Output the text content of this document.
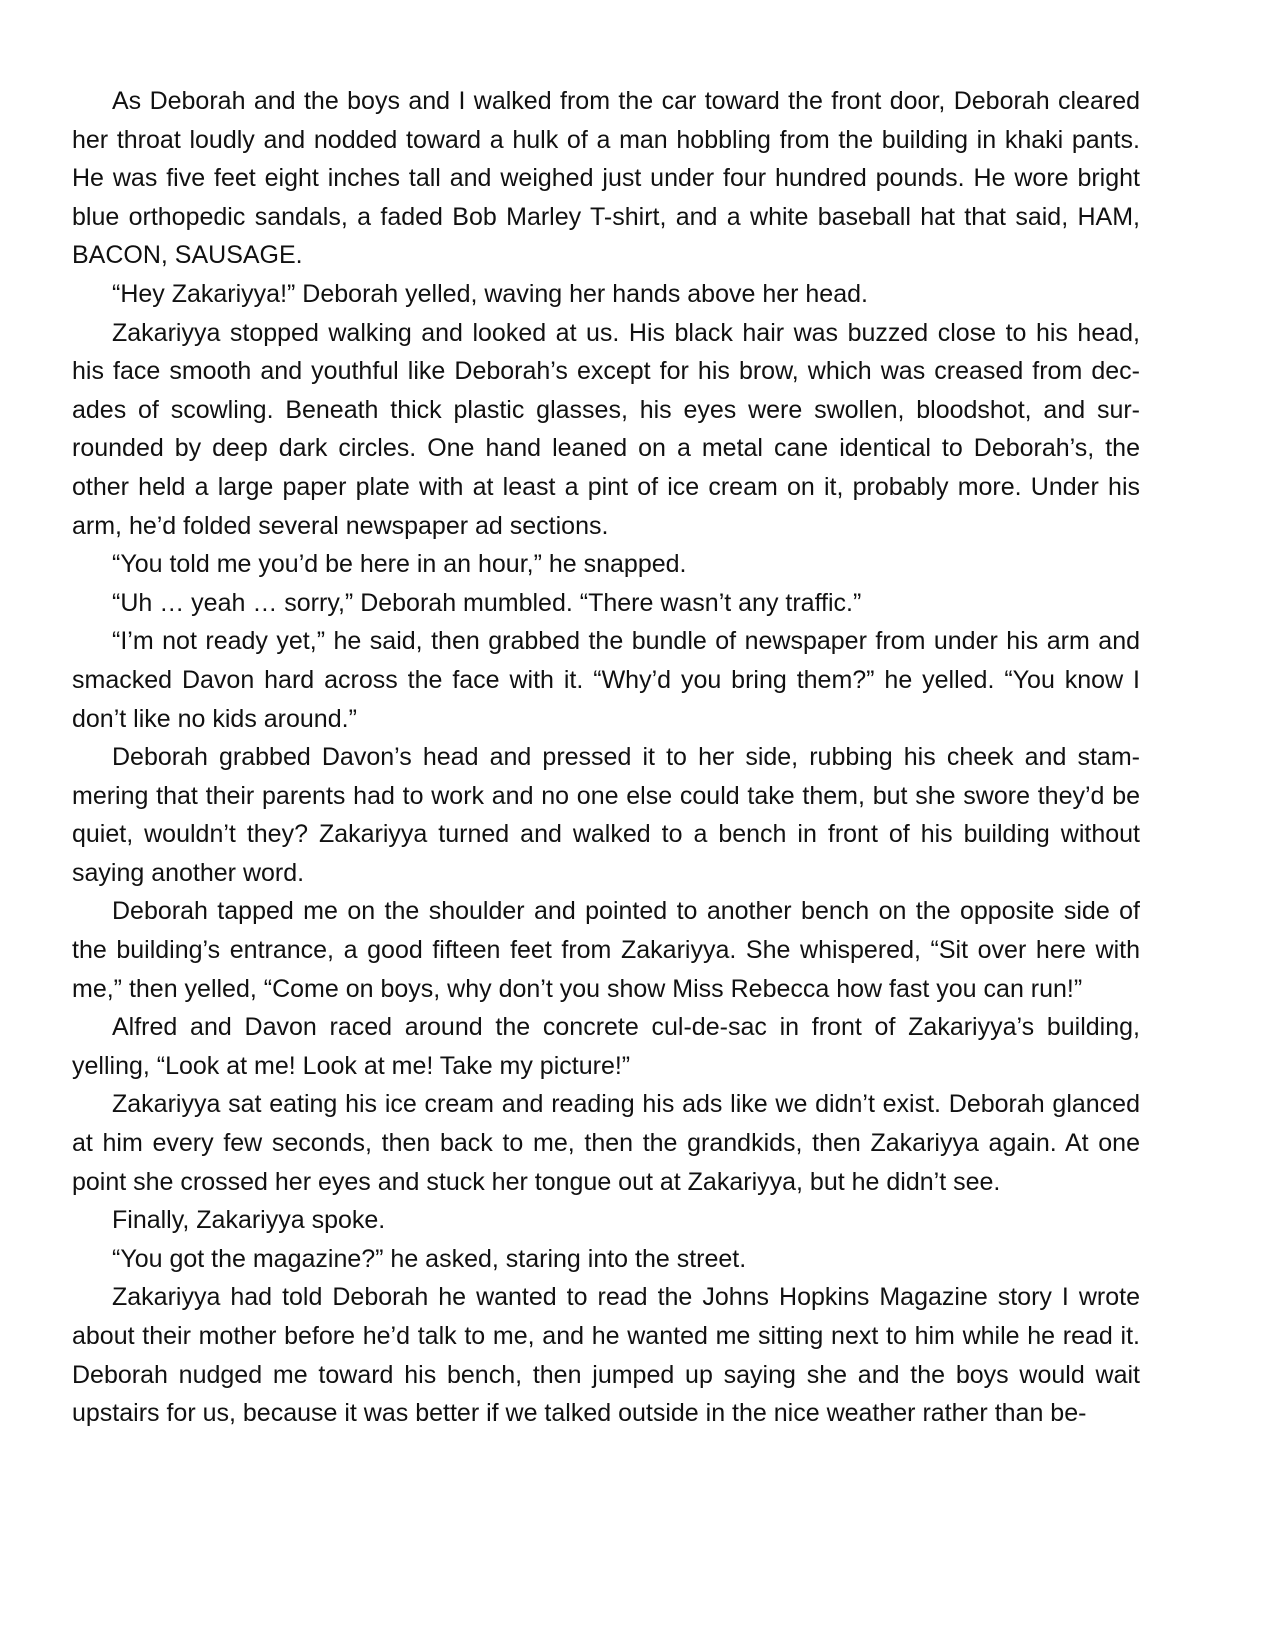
As Deborah and the boys and I walked from the car toward the front door, Deborah cleared her throat loudly and nodded toward a hulk of a man hobbling from the building in khaki pants. He was five feet eight inches tall and weighed just under four hundred pounds. He wore bright blue orthopedic sandals, a faded Bob Marley T-shirt, and a white baseball hat that said, HAM, BACON, SAUSAGE.

“Hey Zakariyya!” Deborah yelled, waving her hands above her head.

Zakariyya stopped walking and looked at us. His black hair was buzzed close to his head, his face smooth and youthful like Deborah’s except for his brow, which was creased from decades of scowling. Beneath thick plastic glasses, his eyes were swollen, bloodshot, and surrounded by deep dark circles. One hand leaned on a metal cane identical to Deborah’s, the other held a large paper plate with at least a pint of ice cream on it, probably more. Under his arm, he’d folded several newspaper ad sections.

“You told me you’d be here in an hour,” he snapped.

“Uh … yeah … sorry,” Deborah mumbled. “There wasn’t any traffic.”

“I’m not ready yet,” he said, then grabbed the bundle of newspaper from under his arm and smacked Davon hard across the face with it. “Why’d you bring them?” he yelled. “You know I don’t like no kids around.”

Deborah grabbed Davon’s head and pressed it to her side, rubbing his cheek and stammering that their parents had to work and no one else could take them, but she swore they’d be quiet, wouldn’t they? Zakariyya turned and walked to a bench in front of his building without saying another word.

Deborah tapped me on the shoulder and pointed to another bench on the opposite side of the building’s entrance, a good fifteen feet from Zakariyya. She whispered, “Sit over here with me,” then yelled, “Come on boys, why don’t you show Miss Rebecca how fast you can run!”

Alfred and Davon raced around the concrete cul-de-sac in front of Zakariyya’s building, yelling, “Look at me! Look at me! Take my picture!”

Zakariyya sat eating his ice cream and reading his ads like we didn’t exist. Deborah glanced at him every few seconds, then back to me, then the grandkids, then Zakariyya again. At one point she crossed her eyes and stuck her tongue out at Zakariyya, but he didn’t see.

Finally, Zakariyya spoke.

“You got the magazine?” he asked, staring into the street.

Zakariyya had told Deborah he wanted to read the Johns Hopkins Magazine story I wrote about their mother before he’d talk to me, and he wanted me sitting next to him while he read it. Deborah nudged me toward his bench, then jumped up saying she and the boys would wait upstairs for us, because it was better if we talked outside in the nice weather rather than be-
